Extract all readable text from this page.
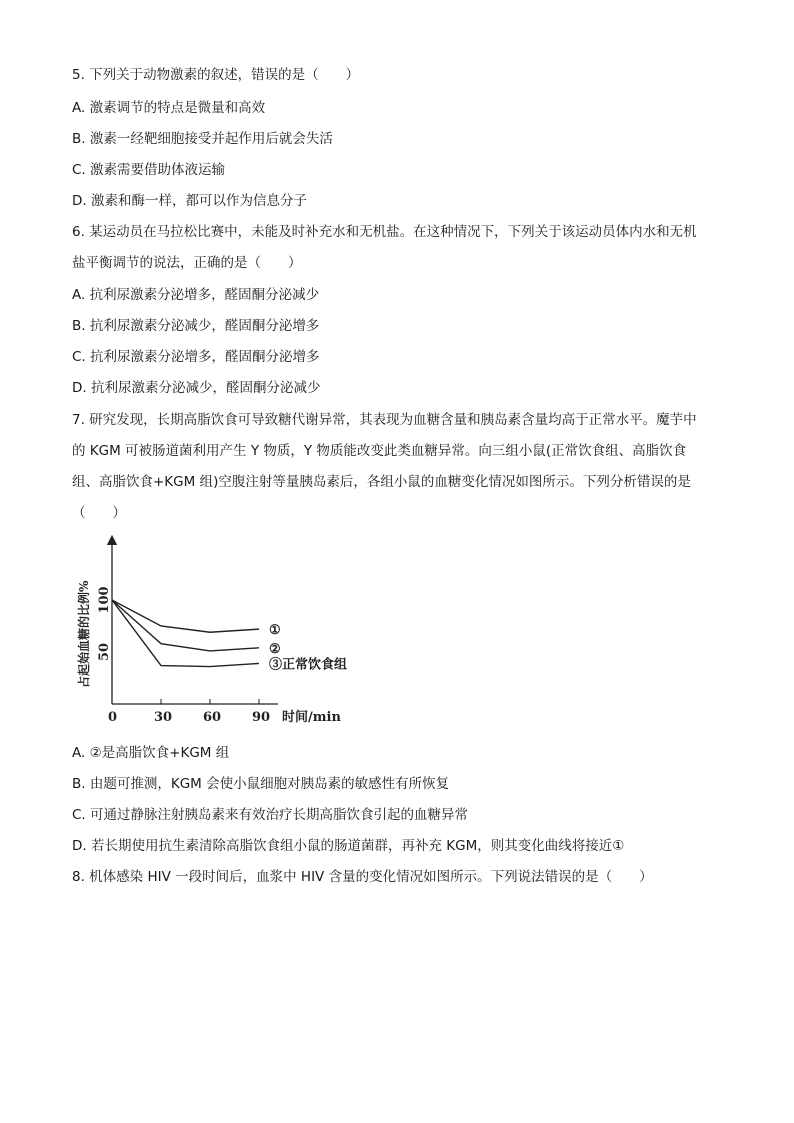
5. 下列关于动物激素的叙述，错误的是（　　）
A. 激素调节的特点是微量和高效
B. 激素一经靶细胞接受并起作用后就会失活
C. 激素需要借助体液运输
D. 激素和酶一样，都可以作为信息分子
6. 某运动员在马拉松比赛中，未能及时补充水和无机盐。在这种情况下，下列关于该运动员体内水和无机
盐平衡调节的说法，正确的是（　　）
A. 抗利尿激素分泌增多，醛固酮分泌减少
B. 抗利尿激素分泌减少，醛固酮分泌增多
C. 抗利尿激素分泌增多，醛固酮分泌增多
D. 抗利尿激素分泌减少，醛固酮分泌减少
7. 研究发现，长期高脂饮食可导致糖代谢异常，其表现为血糖含量和胰岛素含量均高于正常水平。魔芋中
的 KGM 可被肠道菌利用产生 Y 物质，Y 物质能改变此类血糖异常。向三组小鼠(正常饮食组、高脂饮食
组、高脂饮食+KGM 组)空腹注射等量胰岛素后，各组小鼠的血糖变化情况如图所示。下列分析错误的是
（　　）
占起始血糖的比例%
时间/min
0	30 60 90
100
50
①
②
③正常饮食组
A. ②是高脂饮食+KGM 组
B. 由题可推测，KGM 会使小鼠细胞对胰岛素的敏感性有所恢复
C. 可通过静脉注射胰岛素来有效治疗长期高脂饮食引起的血糖异常
D. 若长期使用抗生素清除高脂饮食组小鼠的肠道菌群，再补充 KGM，则其变化曲线将接近①
8. 机体感染 HIV 一段时间后，血浆中 HIV 含量的变化情况如图所示。下列说法错误的是（　　）
